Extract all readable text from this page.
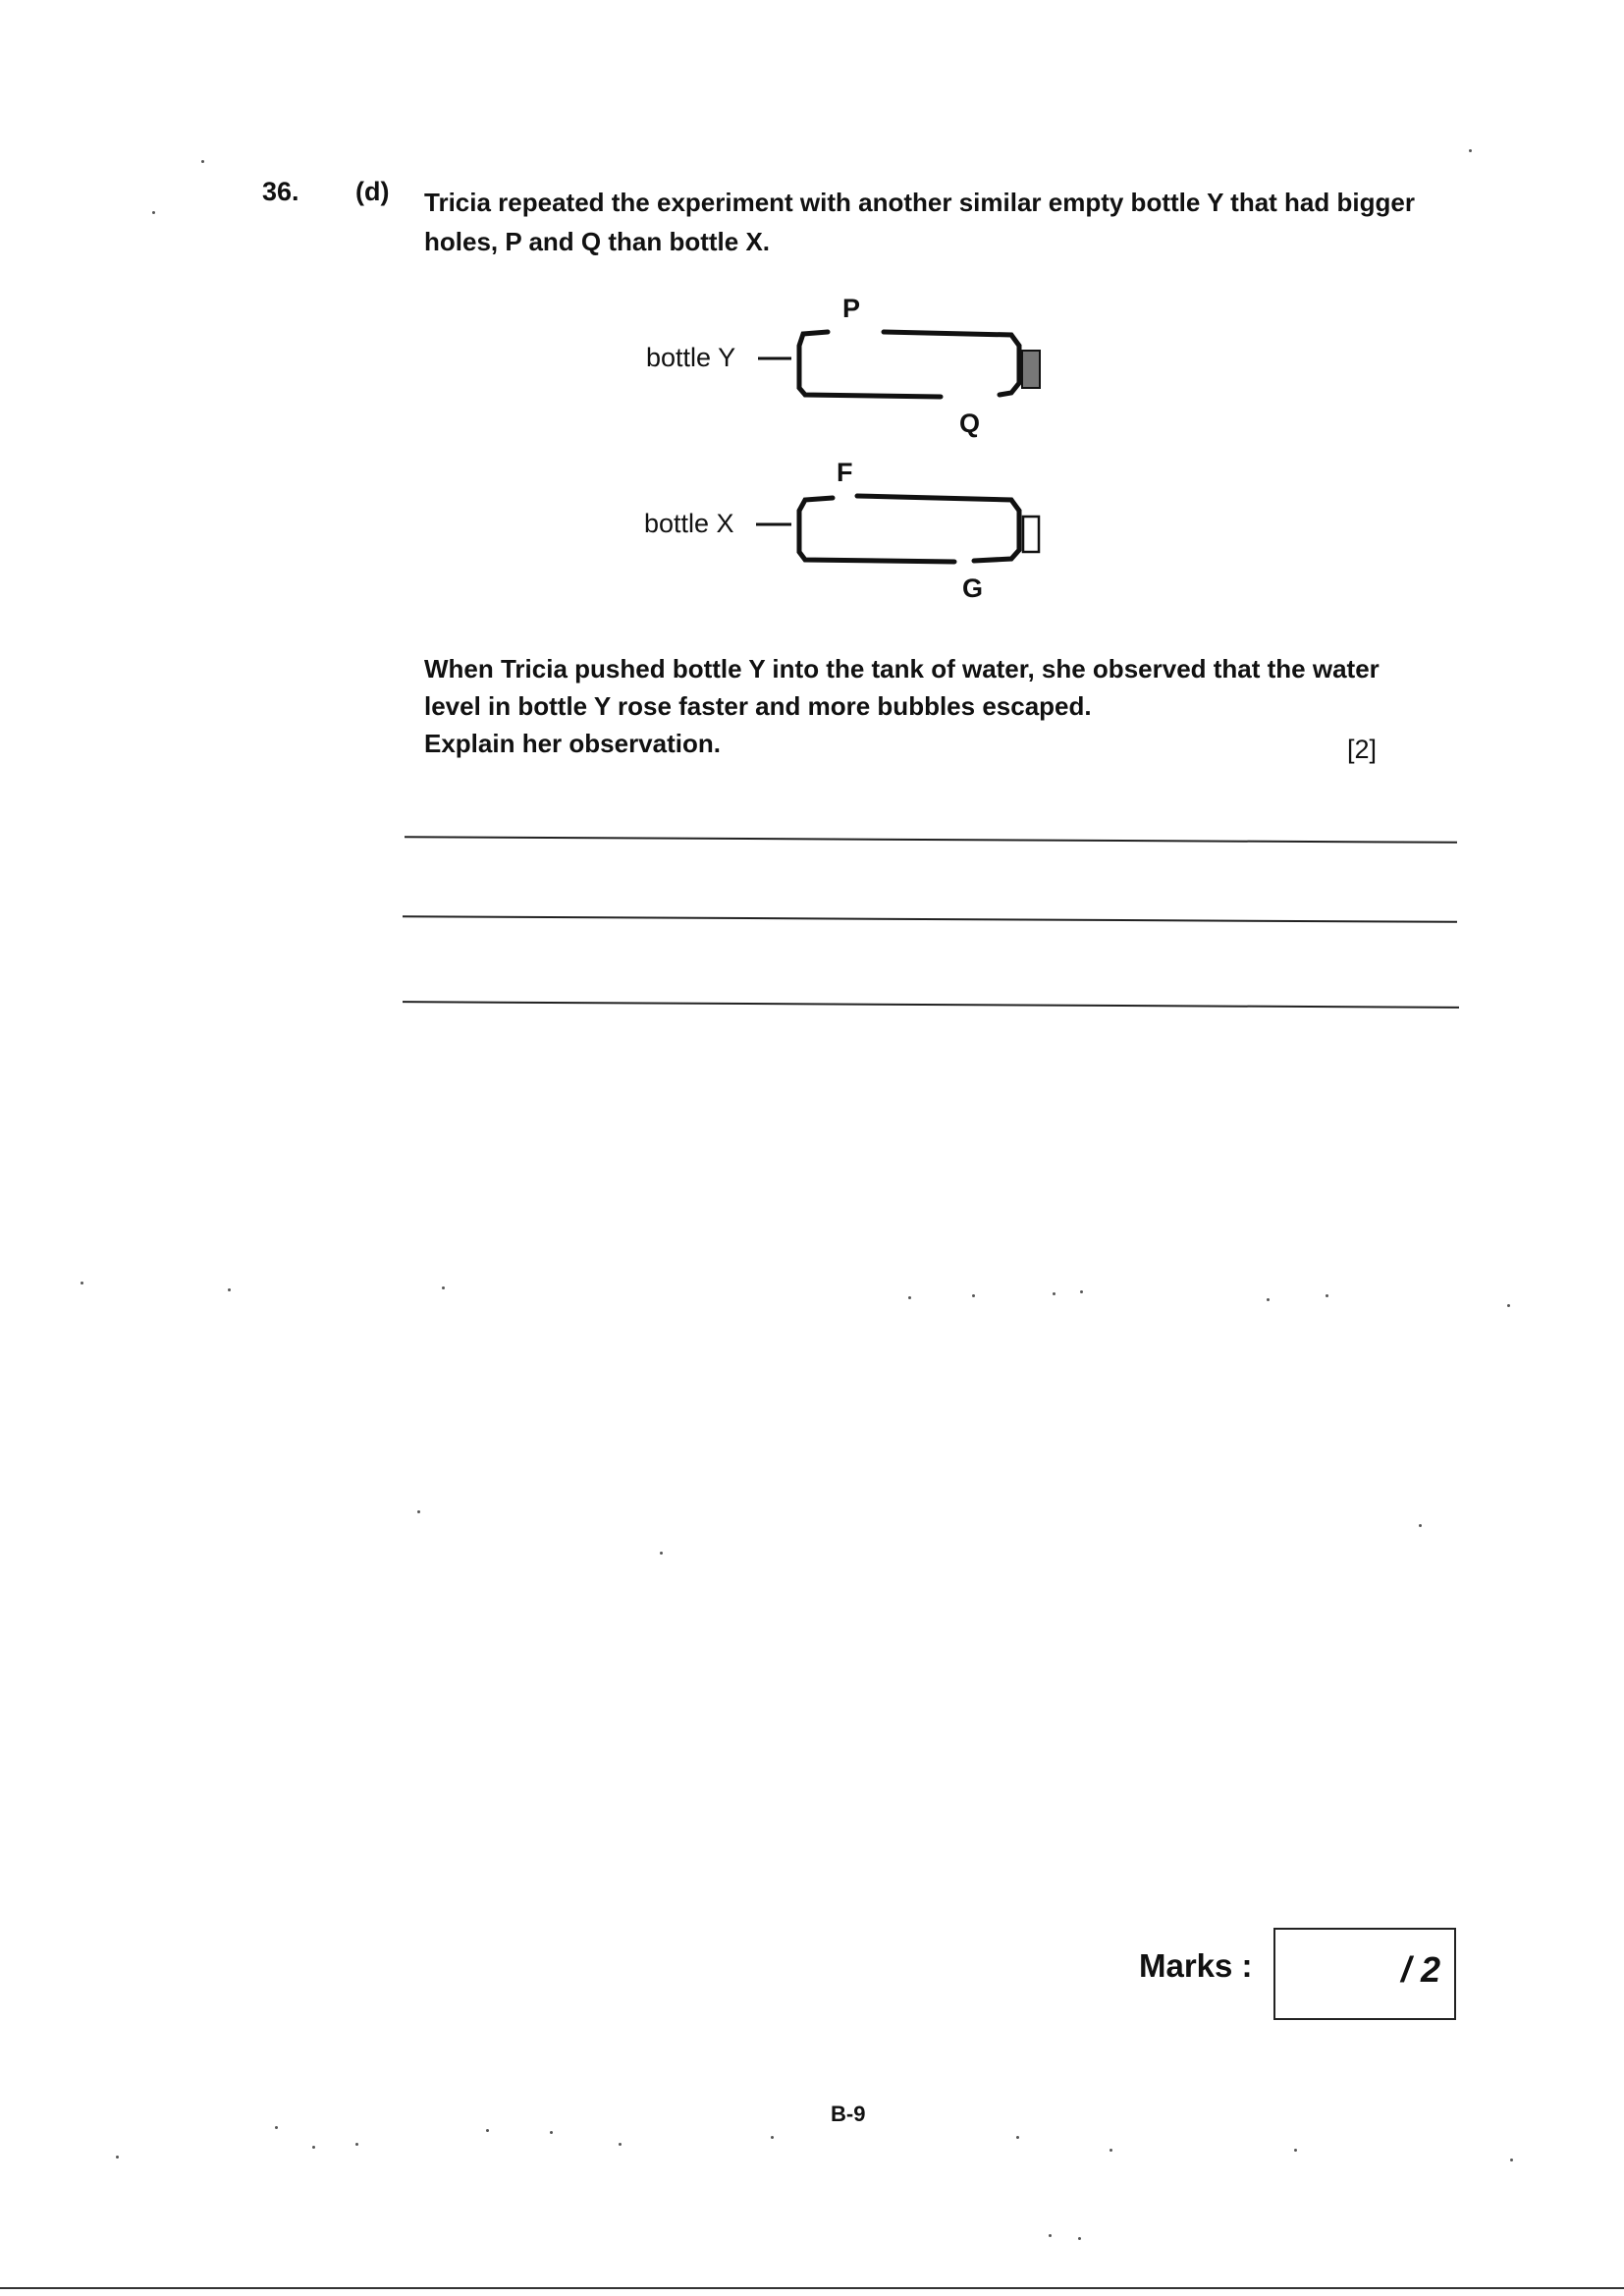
36. (d) Tricia repeated the experiment with another similar empty bottle Y that had bigger holes, P and Q than bottle X.
bottle Y
P
Q
bottle X
F
G
When Tricia pushed bottle Y into the tank of water, she observed that the water level in bottle Y rose faster and more bubbles escaped.
Explain her observation.	[2]
Marks :	/ 2
B-9
